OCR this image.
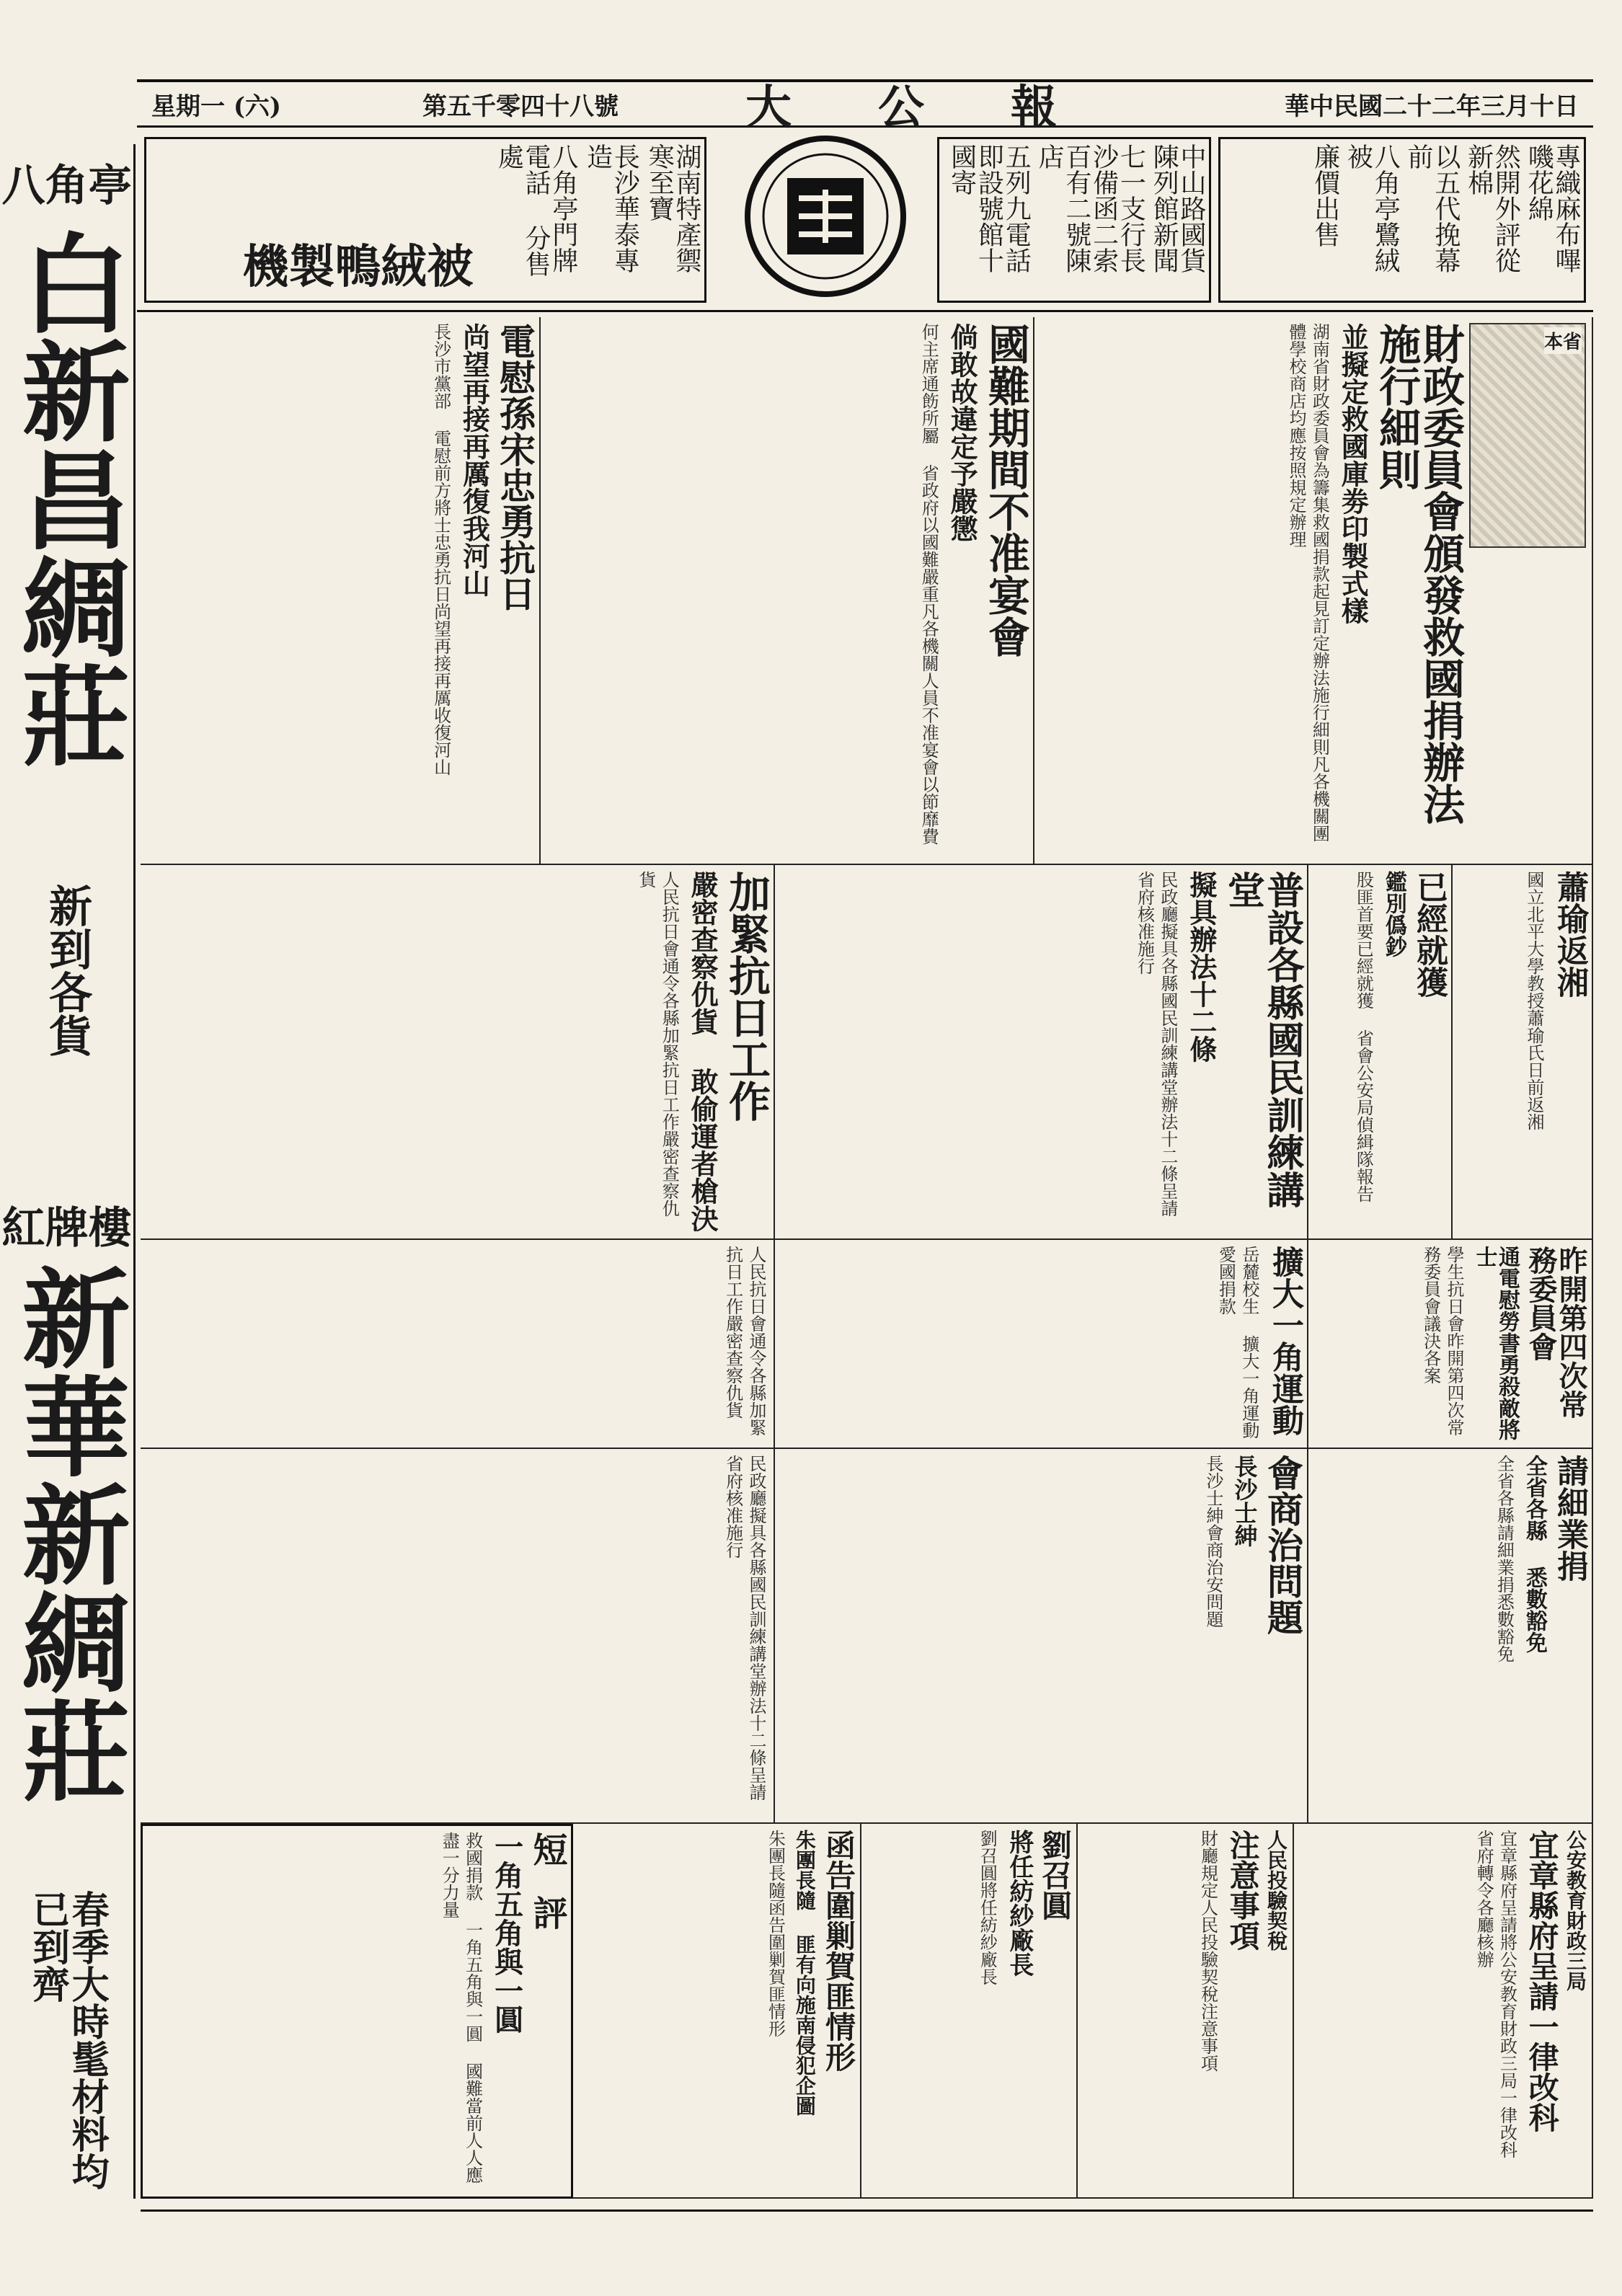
星期一 (六)	第五千零四十八號	大公報	華中民國二十二年三月十日
湖南特產禦寒至寶
長沙華泰專造
八角亭門牌 電話 分售處
機製鴨絨被	中山路國貨陳列館新聞
七一支行長沙備函二索百有二號陳店
五列九電話即設號館十國寄	專織麻布嗶嘰花綿
然開外評從新棉
以五代挽幕前
八角亭鷺絨被
廉價出售
八角亭
白新昌綢莊
新到各貨
紅牌樓
新華新綢莊
春季大時髦材料均已到齊
本省
財政委員會頒發救國捐辦法施行細則
並擬定救國庫劵印製式樣
湖南省財政委員會為籌集救國捐款起見訂定辦法施行細則凡各機關團體學校商店均應按照規定辦理
國難期間不准宴會
倘敢故違定予嚴懲
何主席通飭所屬 省政府以國難嚴重凡各機關人員不准宴會以節靡費
電慰孫宋忠勇抗日
尚望再接再厲復我河山
長沙市黨部 電慰前方將士忠勇抗日尚望再接再厲收復河山
蕭瑜返湘
國立北平大學教授蕭瑜氏日前返湘
已經就獲
鑑別僞鈔
股匪首要已經就獲 省會公安局偵緝隊報告
普設各縣國民訓練講堂
擬具辦法十二條
民政廳擬具各縣國民訓練講堂辦法十二條呈請省府核准施行
加緊抗日工作
嚴密查察仇貨 敢偷運者槍決
人民抗日會通令各縣加緊抗日工作嚴密查察仇貨
昨開第四次常務委員會
通電慰勞書勇殺敵將士
學生抗日會昨開第四次常務委員會議決各案
擴大一角運動
岳麓校生 擴大一角運動 愛國捐款
人民抗日會通令各縣加緊抗日工作嚴密查察仇貨
請細業捐
全省各縣 悉數豁免
全省各縣請細業捐悉數豁免
會商治問題
長沙士紳
長沙士紳會商治安問題
民政廳擬具各縣國民訓練講堂辦法十二條呈請省府核准施行
公安教育財政三局
宜章縣府呈請一律改科
宜章縣府呈請將公安教育財政三局一律改科 省府轉令各廳核辦
人民投驗契稅
注意事項
財廳規定人民投驗契稅注意事項
劉召圓
將任紡紗廠長
劉召圓將任紡紗廠長
函告圍剿賀匪情形
朱團長隨 匪有向施南侵犯企圖
朱團長隨函告圍剿賀匪情形
短評
一角五角與一圓
救國捐款 一角五角與一圓 國難當前人人應盡一分力量
